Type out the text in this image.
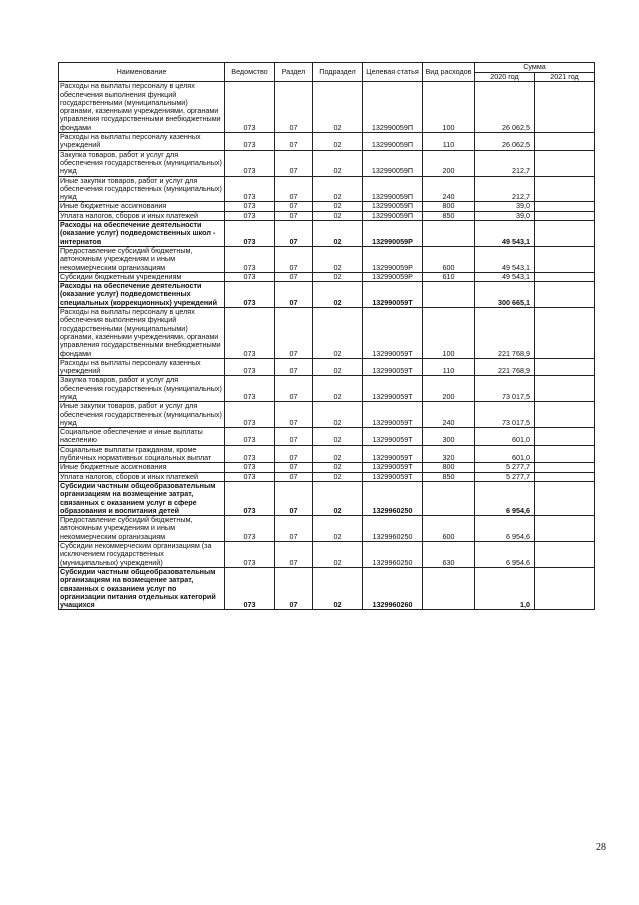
Наименование	Ведомство	Раздел	Подраздел	Целевая статья	Вид расходов	Сумма	
						2020 год	2021 год
Расходы на выплаты персоналу в целях обеспечения выполнения функций государственными (муниципальными) органами, казенными учреждениями, органами управления государственными внебюджетными фондами	073	07	02	132990059П	100	26 062,5	
Расходы на выплаты персоналу казенных учреждений	073	07	02	132990059П	110	26 062,5	
Закупка товаров, работ и услуг для обеспечения государственных (муниципальных) нужд	073	07	02	132990059П	200	212,7	
Иные закупки товаров, работ и услуг для обеспечения государственных (муниципальных) нужд	073	07	02	132990059П	240	212,7	
Иные бюджетные ассигнования	073	07	02	132990059П	800	39,0	
Уплата налогов, сборов и иных платежей	073	07	02	132990059П	850	39,0	
Расходы на обеспечение деятельности (оказание услуг) подведомственных школ - интернатов	073	07	02	132990059Р		49 543,1	
Предоставление субсидий бюджетным, автономным учреждениям и иным некоммерческим организациям	073	07	02	132990059Р	600	49 543,1	
Субсидии бюджетным учреждениям	073	07	02	132990059Р	610	49 543,1	
Расходы на обеспечение деятельности (оказание услуг) подведомственных специальных (коррекционных) учреждений	073	07	02	132990059Т		300 665,1	
Расходы на выплаты персоналу в целях обеспечения выполнения функций государственными (муниципальными) органами, казенными учреждениями, органами управления государственными внебюджетными фондами	073	07	02	132990059Т	100	221 768,9	
Расходы на выплаты персоналу казенных учреждений	073	07	02	132990059Т	110	221 768,9	
Закупка товаров, работ и услуг для обеспечения государственных (муниципальных) нужд	073	07	02	132990059Т	200	73 017,5	
Иные закупки товаров, работ и услуг для обеспечения государственных (муниципальных) нужд	073	07	02	132990059Т	240	73 017,5	
Социальное обеспечение и иные выплаты населению	073	07	02	132990059Т	300	601,0	
Социальные выплаты гражданам, кроме публичных нормативных социальных выплат	073	07	02	132990059Т	320	601,0	
Иные бюджетные ассигнования	073	07	02	132990059Т	800	5 277,7	
Уплата налогов, сборов и иных платежей	073	07	02	132990059Т	850	5 277,7	
Субсидии частным общеобразовательным организациям на возмещение затрат, связанных с оказанием услуг в сфере образования и воспитания детей	073	07	02	1329960250		6 954,6	
Предоставление субсидий бюджетным, автономным учреждениям и иным некоммерческим организациям	073	07	02	1329960250	600	6 954,6	
Субсидии некоммерческим организациям (за исключением государственных (муниципальных) учреждений)	073	07	02	1329960250	630	6 954,6	
Субсидии частным общеобразовательным организациям на возмещение затрат, связанных с оказанием услуг по организации питания отдельных категорий учащихся	073	07	02	1329960260		1,0	
28
